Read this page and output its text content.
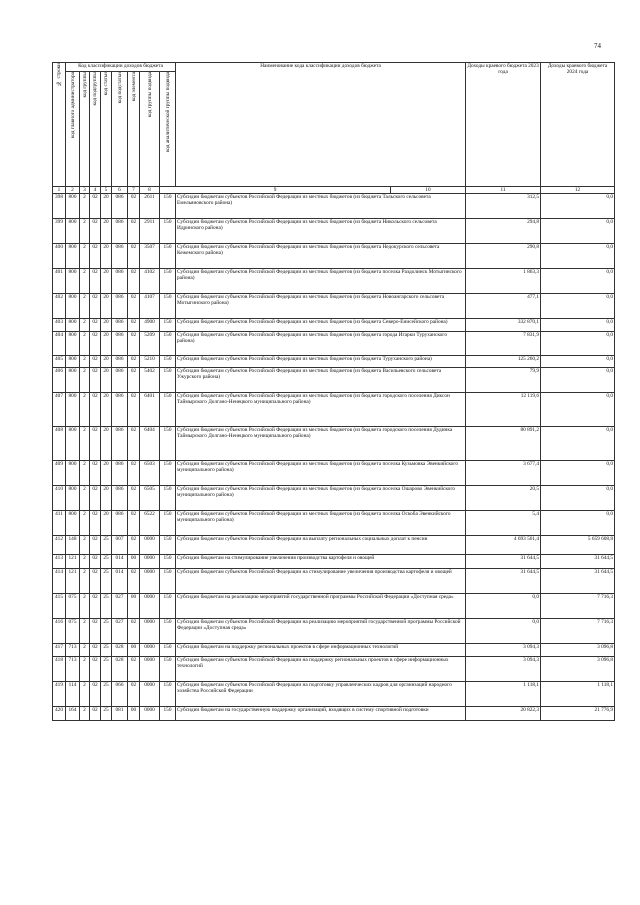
74
№ строки	Код классификации доходов бюджета								Наименование кода классификации доходов бюджета		Доходы краевого бюджета 2023 года	Доходы краевого бюджета 2024 года	

	код главного администратора	код группы	код подгруппы	код статьи	код подстатьи	код элемента	код группы подвида	код аналитической группы подвида					

1	2	3	4	5	6	7	8	9		10	11	12	
398	800	2	02	20	086	02	2611	150	Субсидии бюджетам субъектов Российской Федерации из местных бюджетов (из бюджета Тальского сельсовета Емельяновского района)		312,5	0,0	
399	800	2	02	20	086	02	2911	150	Субсидии бюджетам субъектов Российской Федерации из местных бюджетов (из бюджета Никольского сельсовета Идринского района)		294,8	0,0	
400	800	2	02	20	086	02	3507	150	Субсидии бюджетам субъектов Российской Федерации из местных бюджетов (из бюджета Недокурского сельсовета Кежемского района)		290,8	0,0	
401	800	2	02	20	086	02	4102	150	Субсидии бюджетам субъектов Российской Федерации из местных бюджетов (из бюджета поселка Раздолинск Мотыгинского района)		1 863,3	0,0	
402	800	2	02	20	086	02	4107	150	Субсидии бюджетам субъектов Российской Федерации из местных бюджетов (из бюджета Новоангарского сельсовета Мотыгинского района)		477,1	0,0	
403	800	2	02	20	086	02	4900	150	Субсидии бюджетам субъектов Российской Федерации из местных бюджетов (из бюджета Северо-Енисейского района)		332 870,1	0,0	
404	800	2	02	20	086	02	5209	150	Субсидии бюджетам субъектов Российской Федерации из местных бюджетов (из бюджета города Игарки Туруханского района)		7 831,9	0,0	
405	800	2	02	20	086	02	5210	150	Субсидии бюджетам субъектов Российской Федерации из местных бюджетов (из бюджета Туруханского района)		125 260,2	0,0	
406	800	2	02	20	086	02	5402	150	Субсидии бюджетам субъектов Российской Федерации из местных бюджетов (из бюджета Васильевского сельсовета Ужурского района)		79,9	0,0	
407	800	2	02	20	086	02	6401	150	Субсидии бюджетам субъектов Российской Федерации из местных бюджетов (из бюджета городского поселения Диксон Таймырского Долгано-Ненецкого муниципального района)		12 119,6	0,0	
408	800	2	02	20	086	02	6404	150	Субсидии бюджетам субъектов Российской Федерации из местных бюджетов (из бюджета городского поселения Дудинка Таймырского Долгано-Ненецкого муниципального района)		80 891,2	0,0	
409	800	2	02	20	086	02	6503	150	Субсидии бюджетам субъектов Российской Федерации из местных бюджетов (из бюджета поселка Кузьмовка Эвенкийского муниципального района)		3 677,4	0,0	
410	800	2	02	20	086	02	6505	150	Субсидии бюджетам субъектов Российской Федерации из местных бюджетов (из бюджета поселка Ошарово Эвенкийского муниципального района)		20,5	0,0	
411	800	2	02	20	086	02	6522	150	Субсидии бюджетам субъектов Российской Федерации из местных бюджетов (из бюджета поселка Оскоба Эвенкийского муниципального района)		5,4	0,0	
412	148	2	02	25	007	02	0000	150	Субсидии бюджетам субъектов Российской Федерации на выплату региональных социальных доплат к пенсии		4 693 561,4	5 659 608,8	
413	121	2	02	25	014	00	0000	150	Субсидии бюджетам на стимулирование увеличения производства картофеля и овощей		31 644,5	31 644,5	
414	121	2	02	25	014	02	0000	150	Субсидии бюджетам субъектов Российской Федерации на стимулирование увеличения производства картофеля и овощей		31 644,5	31 644,5	
415	075	2	02	25	027	00	0000	150	Субсидии бюджетам на реализацию мероприятий государственной программы Российской Федерации «Доступная среда»		0,0	7 716,3	
416	075	2	02	25	027	02	0000	150	Субсидии бюджетам субъектов Российской Федерации на реализацию мероприятий государственной программы Российской Федерации «Доступная среда»		0,0	7 716,3	
417	713	2	02	25	028	00	0000	150	Субсидии бюджетам на поддержку региональных проектов в сфере информационных технологий		3 094,3	3 096,8	
418	713	2	02	25	028	02	0000	150	Субсидии бюджетам субъектов Российской Федерации на поддержку региональных проектов в сфере информационных технологий		3 094,3	3 096,8	
419	114	2	02	25	066	02	0000	150	Субсидии бюджетам субъектов Российской Федерации на подготовку управленческих кадров для организаций народного хозяйства Российской Федерации		1 118,1	1 118,1	
420	164	2	02	25	081	00	0000	150	Субсидии бюджетам на государственную поддержку организаций, входящих в систему спортивной подготовки		20 822,3	21 776,9	
